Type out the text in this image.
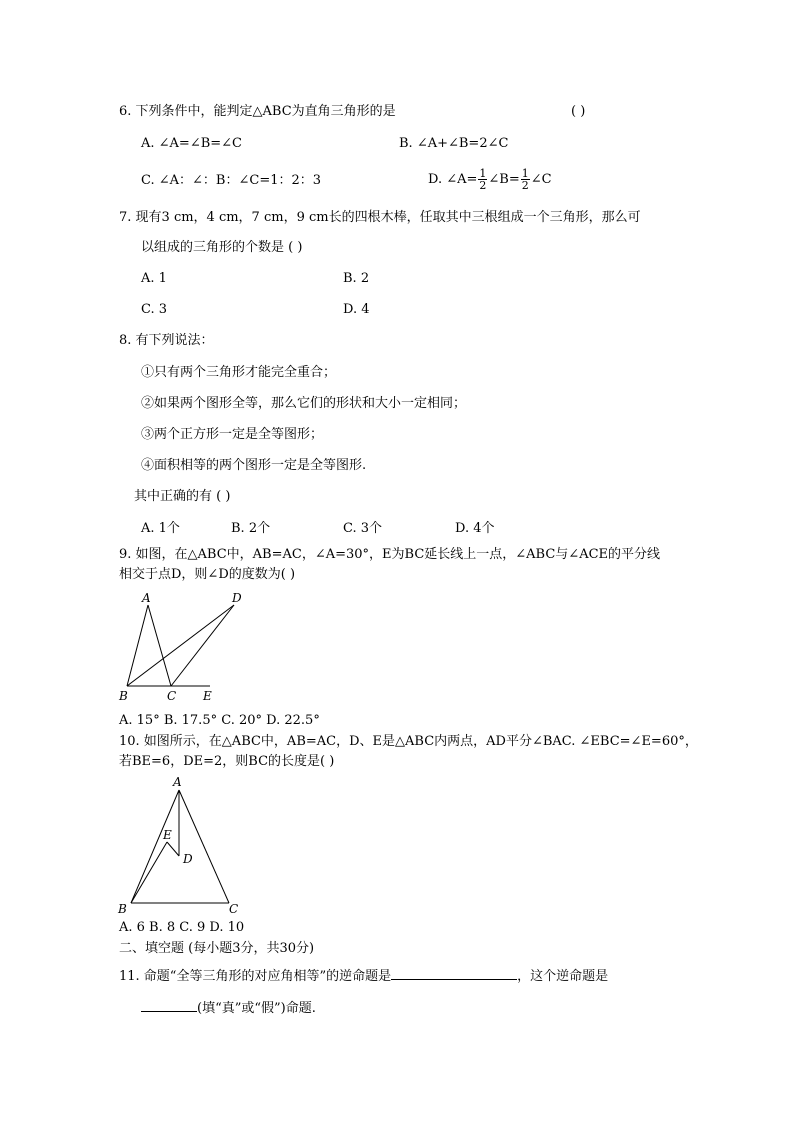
6. 下列条件中，能判定△ABC为直角三角形的是	( )
A. ∠A=∠B=∠C	B. ∠A+∠B=2∠C
C. ∠A：∠：B：∠C=1：2：3	D. ∠A= $\frac{1}{2}$ ∠B= $\frac{1}{2}$ ∠C
7. 现有3 cm，4 cm，7 cm，9 cm长的四根木棒，任取其中三根组成一个三角形，那么可
以组成的三角形的个数是 ( )
A. 1	B. 2
C. 3	D. 4
8. 有下列说法：
①只有两个三角形才能完全重合；
②如果两个图形全等，那么它们的形状和大小一定相同；
③两个正方形一定是全等图形；
④面积相等的两个图形一定是全等图形.
其中正确的有 ( )
A. 1个	B. 2个	C. 3个	D. 4个
9. 如图，在△ABC中，AB=AC，∠A=30°，E为BC延长线上一点，∠ABC与∠ACE的平分线
相交于点D，则∠D的度数为( )
A	D
B	C E
A. 15° B. 17.5° C. 20° D. 22.5°
10. 如图所示，在△ABC中，AB=AC，D、E是△ABC内两点，AD平分∠BAC. ∠EBC=∠E=60°，
若BE=6，DE=2，则BC的长度是( )
A
E
D
B	C
A. 6 B. 8 C. 9 D. 10
二、填空题 (每小题3分，共30分)
11. 命题“全等三角形的对应角相等”的逆命题是	，这个逆命题是
(填“真”或“假”)命题.
